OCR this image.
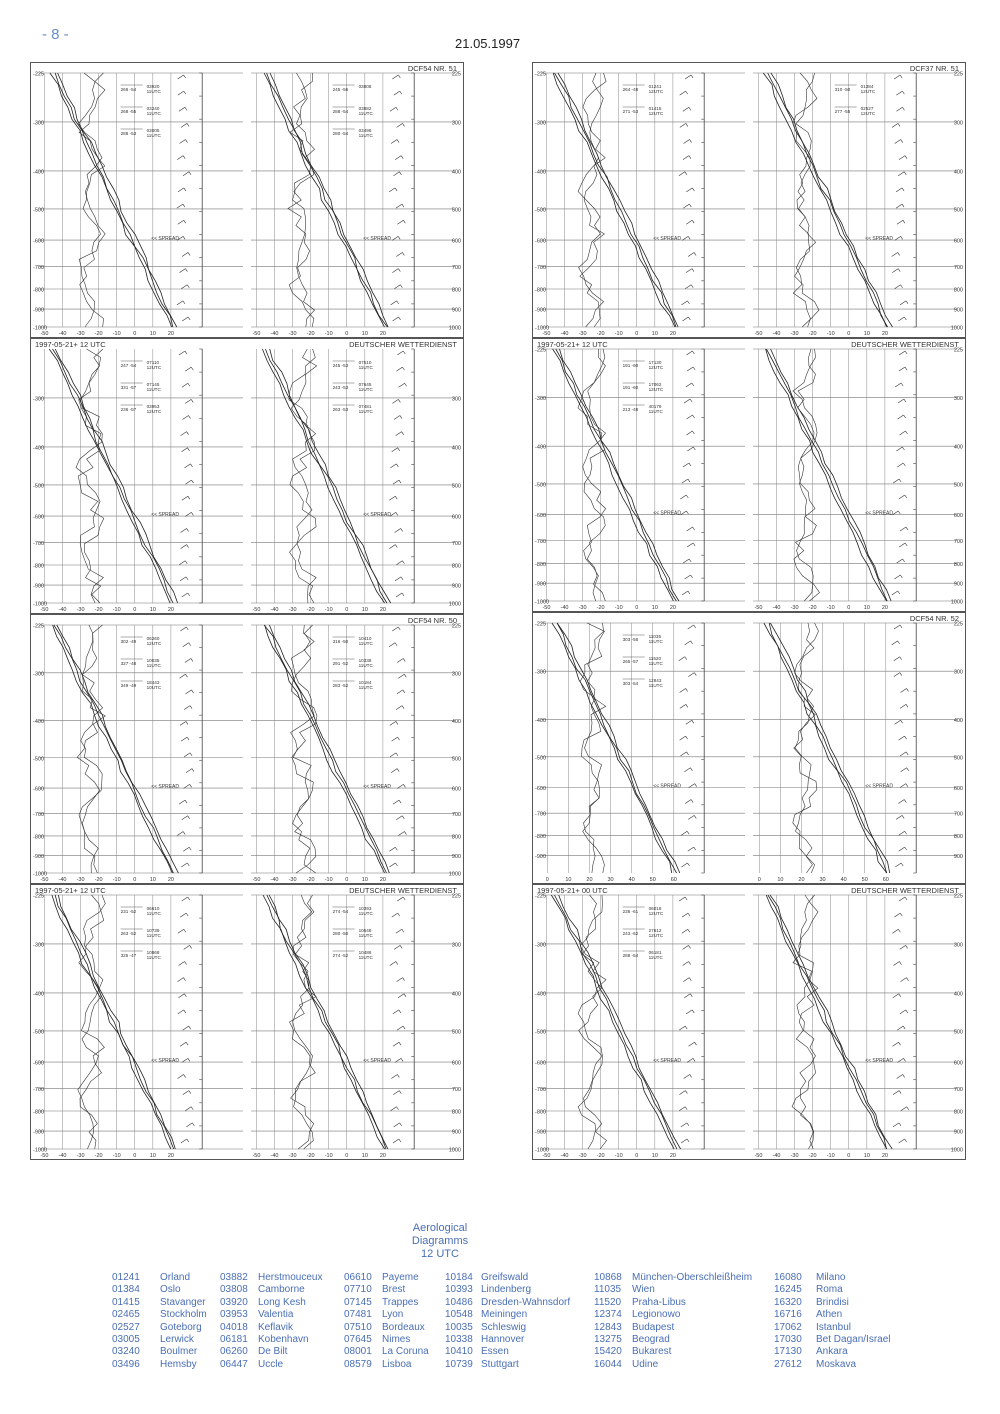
- 8 -
21.05.1997
DCF54 NR. 51
-50 -40 -30 -20 -10 0 10 20
<< SPREAD
-225
-300
-400
-500
-600
-700
-800
-900
-1000
-50 -40 -30 -20 -10 0 10 20
<< SPREAD
225
300
400
500
600
700
800
900
1000
266 -54
03920
11UTC
268 -55
03240
11UTC
288 -53
03005
11UTC
245 -56
03808
288 -54
03882
11UTC
280 -54
03496
11UTC
1997-05-21+ 12 UTC	DEUTSCHER WETTERDIENST
-50 -40 -30 -20 -10 0 10 20
<< SPREAD
-300
-400
-500
-600
-700
-800
-900
-1000
-50 -40 -30 -20 -10 0 10 20
<< SPREAD
300
400
500
600
700
800
900
1000
247 -54
07110
12UTC
331 -57
07145
11UTC
236 -57
03953
12UTC
245 -53
07510
11UTC
243 -53
07645
11UTC
263 -53
07481
11UTC
DCF54 NR. 50
-50 -40 -30 -20 -10 0 10 20
<< SPREAD
-225
-300
-400
-500
-600
-700
-800
-900
-1000
-50 -40 -30 -20 -10 0 10 20
<< SPREAD
225
300
400
500
600
700
800
900
1000
302 -49
06260
12UTC
327 -48
10035
11UTC
349 -49
18443
10UTC
316 -50
10410
11UTC
291 -52
10338
11UTC
283 -52
10184
11UTC
1997-05-21+ 12 UTC	DEUTSCHER WETTERDIENST
-50 -40 -30 -20 -10 0 10 20
<< SPREAD
-225
-300
-400
-500
-600
-700
-800
-900
-1000
-50 -40 -30 -20 -10 0 10 20
<< SPREAD
225
300
400
500
600
700
800
900
1000
231 -52
06610
11UTC
263 -52
10739
11UTC
325 -47
10868
11UTC
274 -54
10393
11UTC
280 -50
10548
11UTC
274 -52
10486
11UTC
DCF37 NR. 51
-50 -40 -30 -20 -10 0 10 20
<< SPREAD
-225
-300
-400
-500
-600
-700
-800
-900
-1000
-50 -40 -30 -20 -10 0 10 20
<< SPREAD
225
300
400
500
600
700
800
900
1000
264 -48
01241
12UTC
271 -53
01415
12UTC
310 -50
01384
12UTC
277 -55
02527
12UTC
1997-05-21+ 12 UTC	DEUTSCHER WETTERDIENST
-50 -40 -30 -20 -10 0 10 20
<< SPREAD
-225
-300
-400
-500
-600
-700
-800
-900
-1000
-50 -40 -30 -20 -10 0 10 20
<< SPREAD
225
300
400
500
600
700
800
900
1000
191 -60
17130
12UTC
191 -60
17062
12UTC
213 -48
40179
11UTC
DCF54 NR. 52
0	10	20	30	40	50	60
<< SPREAD
-225
-300
-400
-500
-600
-700
-800
-900
0	10	20	30	40	50	60
<< SPREAD
225
300
400
500
600
700
800
900
303 -56
11035
11UTC
265 -57
11520
11UTC
303 -54
12843
11UTC
1997-05-21+ 00 UTC	DEUTSCHER WETTERDIENST
-50 -40 -30 -20 -10 0 10 20
<< SPREAD
-225
-300
-400
-500
-600
-700
-800
-900
-1000
-50 -40 -30 -20 -10 0 10 20
<< SPREAD
225
300
400
500
600
700
800
900
1000
236 -61
06018
12UTC
243 -62
27612
12UTC
288 -54
06181
11UTC
Aerological
Diagramms
12 UTC
01241 Orland
01384 Oslo
01415 Stavanger
02465 Stockholm
02527 Goteborg
03005 Lerwick
03240 Boulmer
03496 Hemsby
03882 Herstmouceux
03808 Camborne
03920 Long Kesh
03953 Valentia
04018 Keflavik
06181 Kobenhavn
06260 De Bilt
06447 Uccle
06610 Payeme
07710 Brest
07145 Trappes
07481 Lyon
07510 Bordeaux
07645 Nimes
08001 La Coruna
08579 Lisboa
10184 Greifswald
10393 Lindenberg
10486 Dresden-Wahnsdorf
10548 Meiningen
10035 Schleswig
10338 Hannover
10410 Essen
10739 Stuttgart
10868 München-Oberschleißheim
11035 Wien
11520 Praha-Libus
12374 Legionowo
12843 Budapest
13275 Beograd
15420 Bukarest
16044 Udine
16080 Milano
16245 Roma
16320 Brindisi
16716 Athen
17062 Istanbul
17030 Bet Dagan/Israel
17130 Ankara
27612 Moskava
